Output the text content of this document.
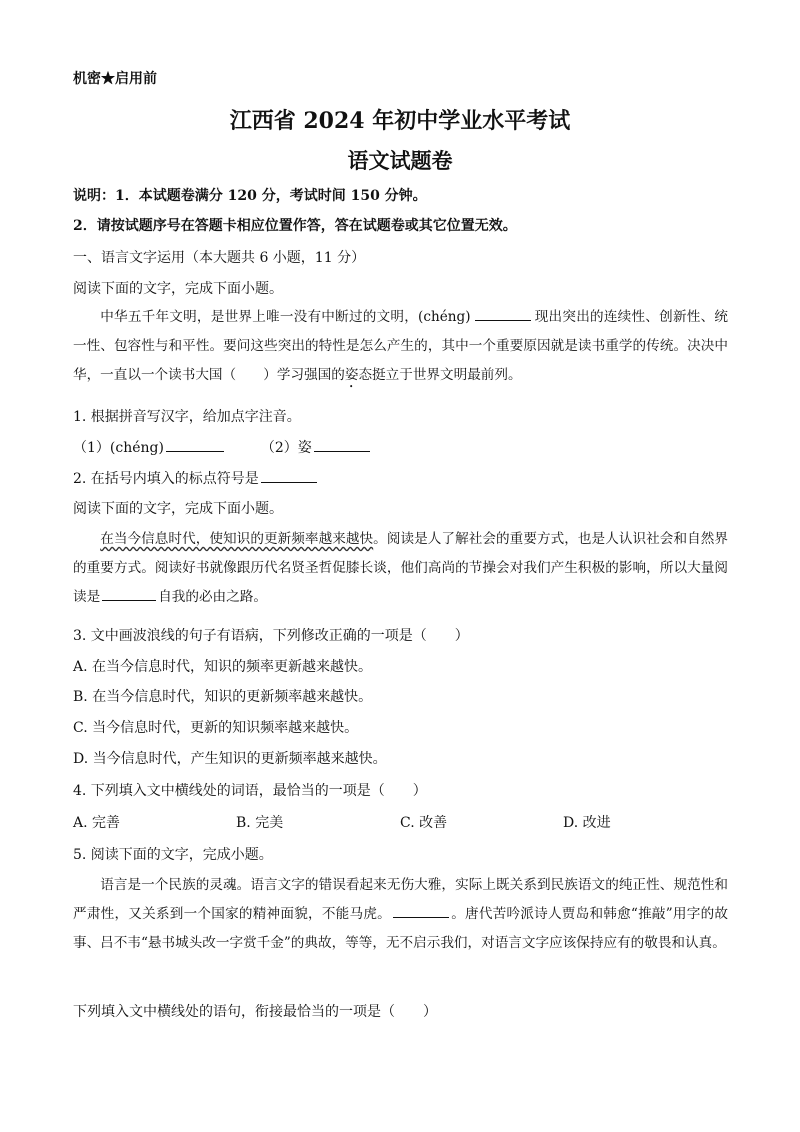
机密★启用前
江西省 2024 年初中学业水平考试
语文试题卷
说明：1．本试题卷满分 120 分，考试时间 150 分钟。
2．请按试题序号在答题卡相应位置作答，答在试题卷或其它位置无效。
一、语言文字运用（本大题共 6 小题，11 分）
阅读下面的文字，完成下面小题。
中华五千年文明，是世界上唯一没有中断过的文明，(chéng)	现出突出的连续性、创新性、统一性、包容性与和平性。要问这些突出的特性是怎么产生的，其中一个重要原因就是读书重学的传统。决决中华，一直以一个读书大国（　　）学习强国的姿态挺立于世界文明最前列。
1. 根据拼音写汉字，给加点字注音。
（1）(chéng)	（2）姿
2. 在括号内填入的标点符号是
阅读下面的文字，完成下面小题。
在当今信息时代，使知识的更新频率越来越快。阅读是人了解社会的重要方式，也是人认识社会和自然界的重要方式。阅读好书就像跟历代名贤圣哲促膝长谈，他们高尚的节操会对我们产生积极的影响，所以大量阅读是	自我的必由之路。
3. 文中画波浪线的句子有语病，下列修改正确的一项是（　　）
A. 在当今信息时代，知识的频率更新越来越快。
B. 在当今信息时代，知识的更新频率越来越快。
C. 当今信息时代，更新的知识频率越来越快。
D. 当今信息时代，产生知识的更新频率越来越快。
4. 下列填入文中横线处的词语，最恰当的一项是（　　）
A. 完善	B. 完美	C. 改善	D. 改进
5. 阅读下面的文字，完成小题。
语言是一个民族的灵魂。语言文字的错误看起来无伤大雅，实际上既关系到民族语文的纯正性、规范性和严肃性，又关系到一个国家的精神面貌，不能马虎。	。唐代苦吟派诗人贾岛和韩愈“推敲”用字的故事、吕不韦“悬书城头改一字赏千金”的典故，等等，无不启示我们，对语言文字应该保持应有的敬畏和认真。
下列填入文中横线处的语句，衔接最恰当的一项是（　　）
